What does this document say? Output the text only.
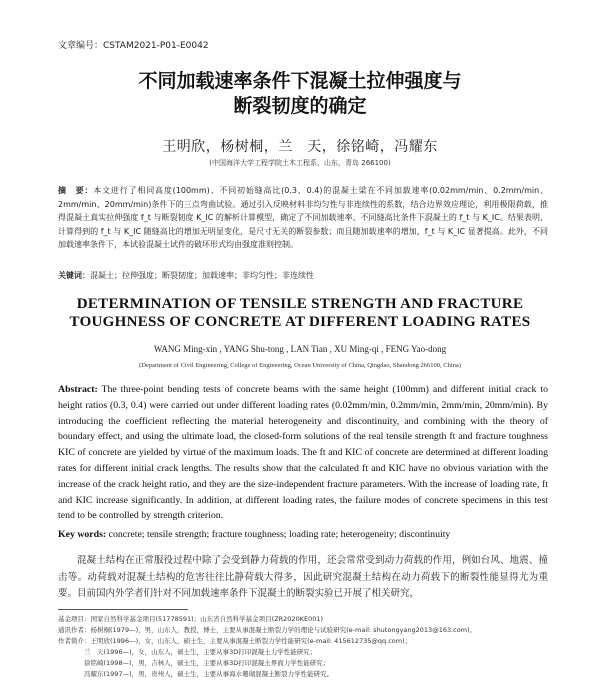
文章编号：CSTAM2021-P01-E0042
不同加载速率条件下混凝土拉伸强度与
断裂韧度的确定
王明欣，杨树桐，兰　天，徐铭崎，冯耀东
(中国海洋大学工程学院土木工程系，山东，青岛 266100)
摘　要：本文进行了相同高度(100mm)、不同初始缝高比(0.3、0.4)的混凝土梁在不同加载速率(0.02mm/min、0.2mm/min、2mm/min、20mm/min)条件下的三点弯曲试验。通过引入反映材料非均匀性与非连续性的系数，结合边界效应理论，利用极限荷载，推得混凝土真实拉伸强度 f_t 与断裂韧度 K_IC 的解析计算模型，确定了不同加载速率、不同缝高比条件下混凝土的 f_t 与 K_IC。结果表明，计算得到的 f_t 与 K_IC 随缝高比的增加无明显变化，是尺寸无关的断裂参数；而且随加载速率的增加，f_t 与 K_IC 显著提高。此外，不同加载速率条件下，本试验混凝土试件的破坏形式均由强度准则控制。
关键词：混凝土；拉伸强度；断裂韧度；加载速率；非均匀性；非连续性
DETERMINATION OF TENSILE STRENGTH AND FRACTURE
TOUGHNESS OF CONCRETE AT DIFFERENT LOADING RATES
WANG Ming-xin , YANG Shu-tong , LAN Tian , XU Ming-qi , FENG Yao-dong
(Department of Civil Engineering, College of Engineering, Ocean University of China, Qingdao, Shandong 266100, China)
Abstract: The three-point bending tests of concrete beams with the same height (100mm) and different initial crack to height ratios (0.3, 0.4) were carried out under different loading rates (0.02mm/min, 0.2mm/min, 2mm/min, 20mm/min). By introducing the coefficient reflecting the material heterogeneity and discontinuity, and combining with the theory of boundary effect, and using the ultimate load, the closed-form solutions of the real tensile strength ft and fracture toughness KIC of concrete are yielded by virtue of the maximum loads. The ft and KIC of concrete are determined at different loading rates for different initial crack lengths. The results show that the calculated ft and KIC have no obvious variation with the increase of the crack height ratio, and they are the size-independent fracture parameters. With the increase of loading rate, ft and KIC increase significantly. In addition, at different loading rates, the failure modes of concrete specimens in this test tend to be controlled by strength criterion.
Key words: concrete; tensile strength; fracture toughness; loading rate; heterogeneity; discontinuity
混凝土结构在正常服役过程中除了会受到静力荷载的作用，还会常常受到动力荷载的作用，例如台风、地震、撞击等。动荷载对混凝土结构的危害往往比静荷载大得多，因此研究混凝土结构在动力荷载下的断裂性能显得尤为重要。目前国内外学者们针对不同加载速率条件下混凝土的断裂实验已开展了相关研究，
基金项目：国家自然科学基金项目(51778591)；山东省自然科学基金项目(ZR2020KE001)
通讯作者：杨树桐(1979—)，男，山东人，教授，博士，主要从事混凝土断裂力学的理论与试验研究(e-mail: shutongyang2013@163.com)。
作者简介：王明欣(1996—)，女，山东人，硕士生，主要从事混凝土断裂力学性能研究(e-mail: 415612735@qq.com)；
兰　天(1996—)，女，山东人，硕士生，主要从事3D打印混凝土力学性能研究；
徐铭崎(1998—)，男，吉林人，硕士生，主要从事3D打印混凝土界面力学性能研究；
冯耀东(1997—)，男，贵州人，硕士生，主要从事海水珊瑚混凝土断裂力学性能研究。
